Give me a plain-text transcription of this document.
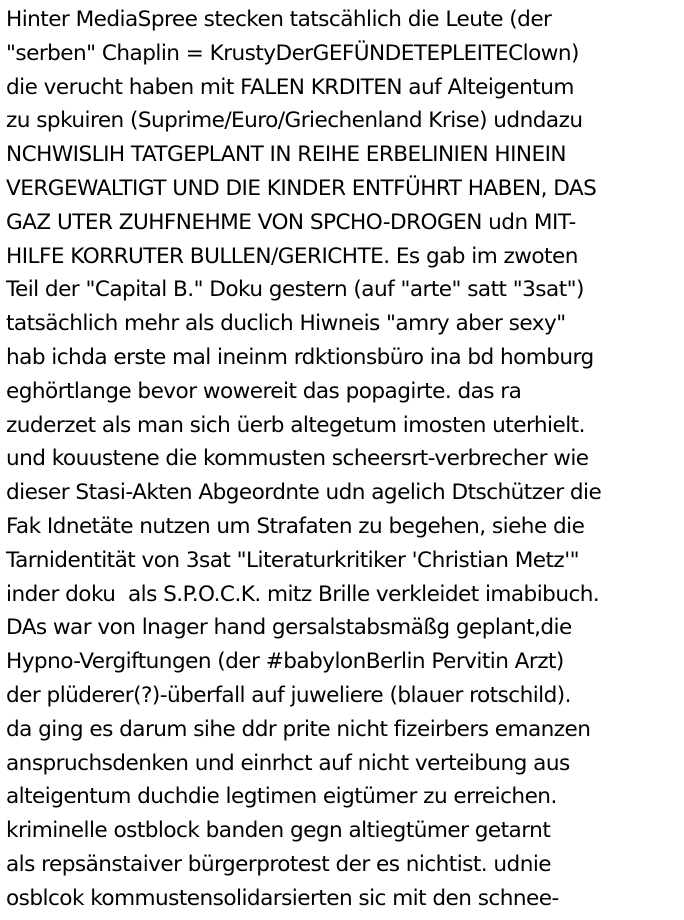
Hinter MediaSpree stecken tatscählich die Leute (der
"serben" Chaplin = KrustyDerGEFÜNDETEPLEITEClown)
die verucht haben mit FALEN KRDITEN auf Alteigentum
zu spkuiren (Suprime/Euro/Griechenland Krise) udndazu
NCHWISLIH TATGEPLANT IN REIHE ERBELINIEN HINEIN
VERGEWALTIGT UND DIE KINDER ENTFÜHRT HABEN, DAS
GAZ UTER ZUHFNEHME VON SPCHO-DROGEN udn MIT-
HILFE KORRUTER BULLEN/GERICHTE. Es gab im zwoten
Teil der "Capital B." Doku gestern (auf "arte" satt "3sat")
tatsächlich mehr als duclich Hiwneis "amry aber sexy"
hab ichda erste mal ineinm rdktionsbüro ina bd homburg
eghörtlange bevor wowereit das popagirte. das ra
zuderzet als man sich üerb altegetum imosten uterhielt.
und kouustene die kommusten scheersrt-verbrecher wie
dieser Stasi-Akten Abgeordnte udn agelich Dtschützer die
Fak Idnetäte nutzen um Strafaten zu begehen, siehe die
Tarnidentität von 3sat "Literaturkritiker 'Christian Metz'"
inder doku  als S.P.O.C.K. mitz Brille verkleidet imabibuch.
DAs war von lnager hand gersalstabsmäßg geplant,die
Hypno-Vergiftungen (der #babylonBerlin Pervitin Arzt)
der plüderer(?)-überfall auf juweliere (blauer rotschild).
da ging es darum sihe ddr prite nicht fizeirbers emanzen
anspruchsdenken und einrhct auf nicht verteibung aus
alteigentum duchdie legtimen eigtümer zu erreichen.
kriminelle ostblock banden gegn altiegtümer getarnt
als repsänstaiver bürgerprotest der es nichtist. udnie
osblcok kommustensolidarsierten sic mit den schnee-
